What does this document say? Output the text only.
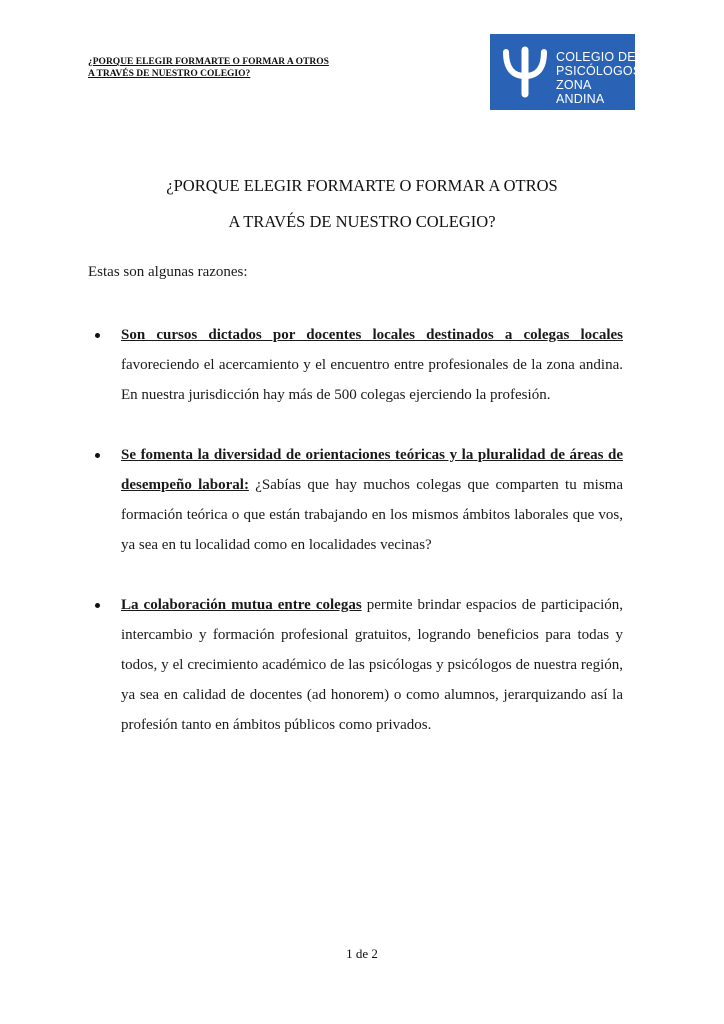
¿PORQUE ELEGIR FORMARTE O FORMAR A OTROS
A TRAVÉS DE NUESTRO COLEGIO?
COLEGIO DE
PSICÓLOGOS
ZONA ANDINA
¿PORQUE ELEGIR FORMARTE O FORMAR A OTROS
A TRAVÉS DE NUESTRO COLEGIO?
Estas son algunas razones:
Son cursos dictados por docentes locales destinados a colegas locales favoreciendo el acercamiento y el encuentro entre profesionales de la zona andina. En nuestra jurisdicción hay más de 500 colegas ejerciendo la profesión.
Se fomenta la diversidad de orientaciones teóricas y la pluralidad de áreas de desempeño laboral: ¿Sabías que hay muchos colegas que comparten tu misma formación teórica o que están trabajando en los mismos ámbitos laborales que vos, ya sea en tu localidad como en localidades vecinas?
La colaboración mutua entre colegas permite brindar espacios de participación, intercambio y formación profesional gratuitos, logrando beneficios para todas y todos, y el crecimiento académico de las psicólogas y psicólogos de nuestra región, ya sea en calidad de docentes (ad honorem) o como alumnos, jerarquizando así la profesión tanto en ámbitos públicos como privados.
1 de 2
